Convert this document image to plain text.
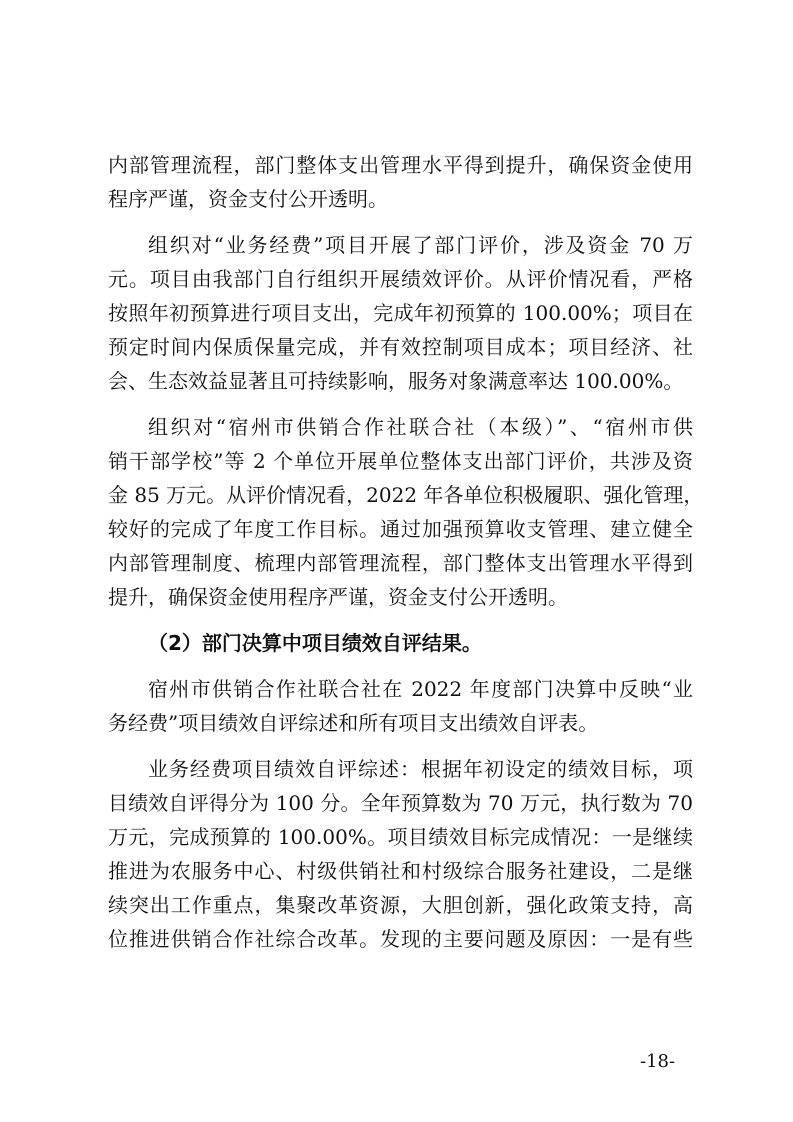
内部管理流程，部门整体支出管理水平得到提升，确保资金使用
程序严谨，资金支付公开透明。
组织对“业务经费”项目开展了部门评价，涉及资金 70 万
元。项目由我部门自行组织开展绩效评价。从评价情况看，严格
按照年初预算进行项目支出，完成年初预算的 100.00%；项目在
预定时间内保质保量完成，并有效控制项目成本；项目经济、社
会、生态效益显著且可持续影响，服务对象满意率达 100.00%。
组织对“宿州市供销合作社联合社（本级）”、“宿州市供
销干部学校”等 2 个单位开展单位整体支出部门评价，共涉及资
金 85 万元。从评价情况看，2022 年各单位积极履职、强化管理，
较好的完成了年度工作目标。通过加强预算收支管理、建立健全
内部管理制度、梳理内部管理流程，部门整体支出管理水平得到
提升，确保资金使用程序严谨，资金支付公开透明。
（2）部门决算中项目绩效自评结果。
宿州市供销合作社联合社在 2022 年度部门决算中反映“业
务经费”项目绩效自评综述和所有项目支出绩效自评表。
业务经费项目绩效自评综述：根据年初设定的绩效目标，项
目绩效自评得分为 100 分。全年预算数为 70 万元，执行数为 70
万元，完成预算的 100.00%。项目绩效目标完成情况：一是继续
推进为农服务中心、村级供销社和村级综合服务社建设，二是继
续突出工作重点，集聚改革资源，大胆创新，强化政策支持，高
位推进供销合作社综合改革。发现的主要问题及原因：一是有些
-18-
